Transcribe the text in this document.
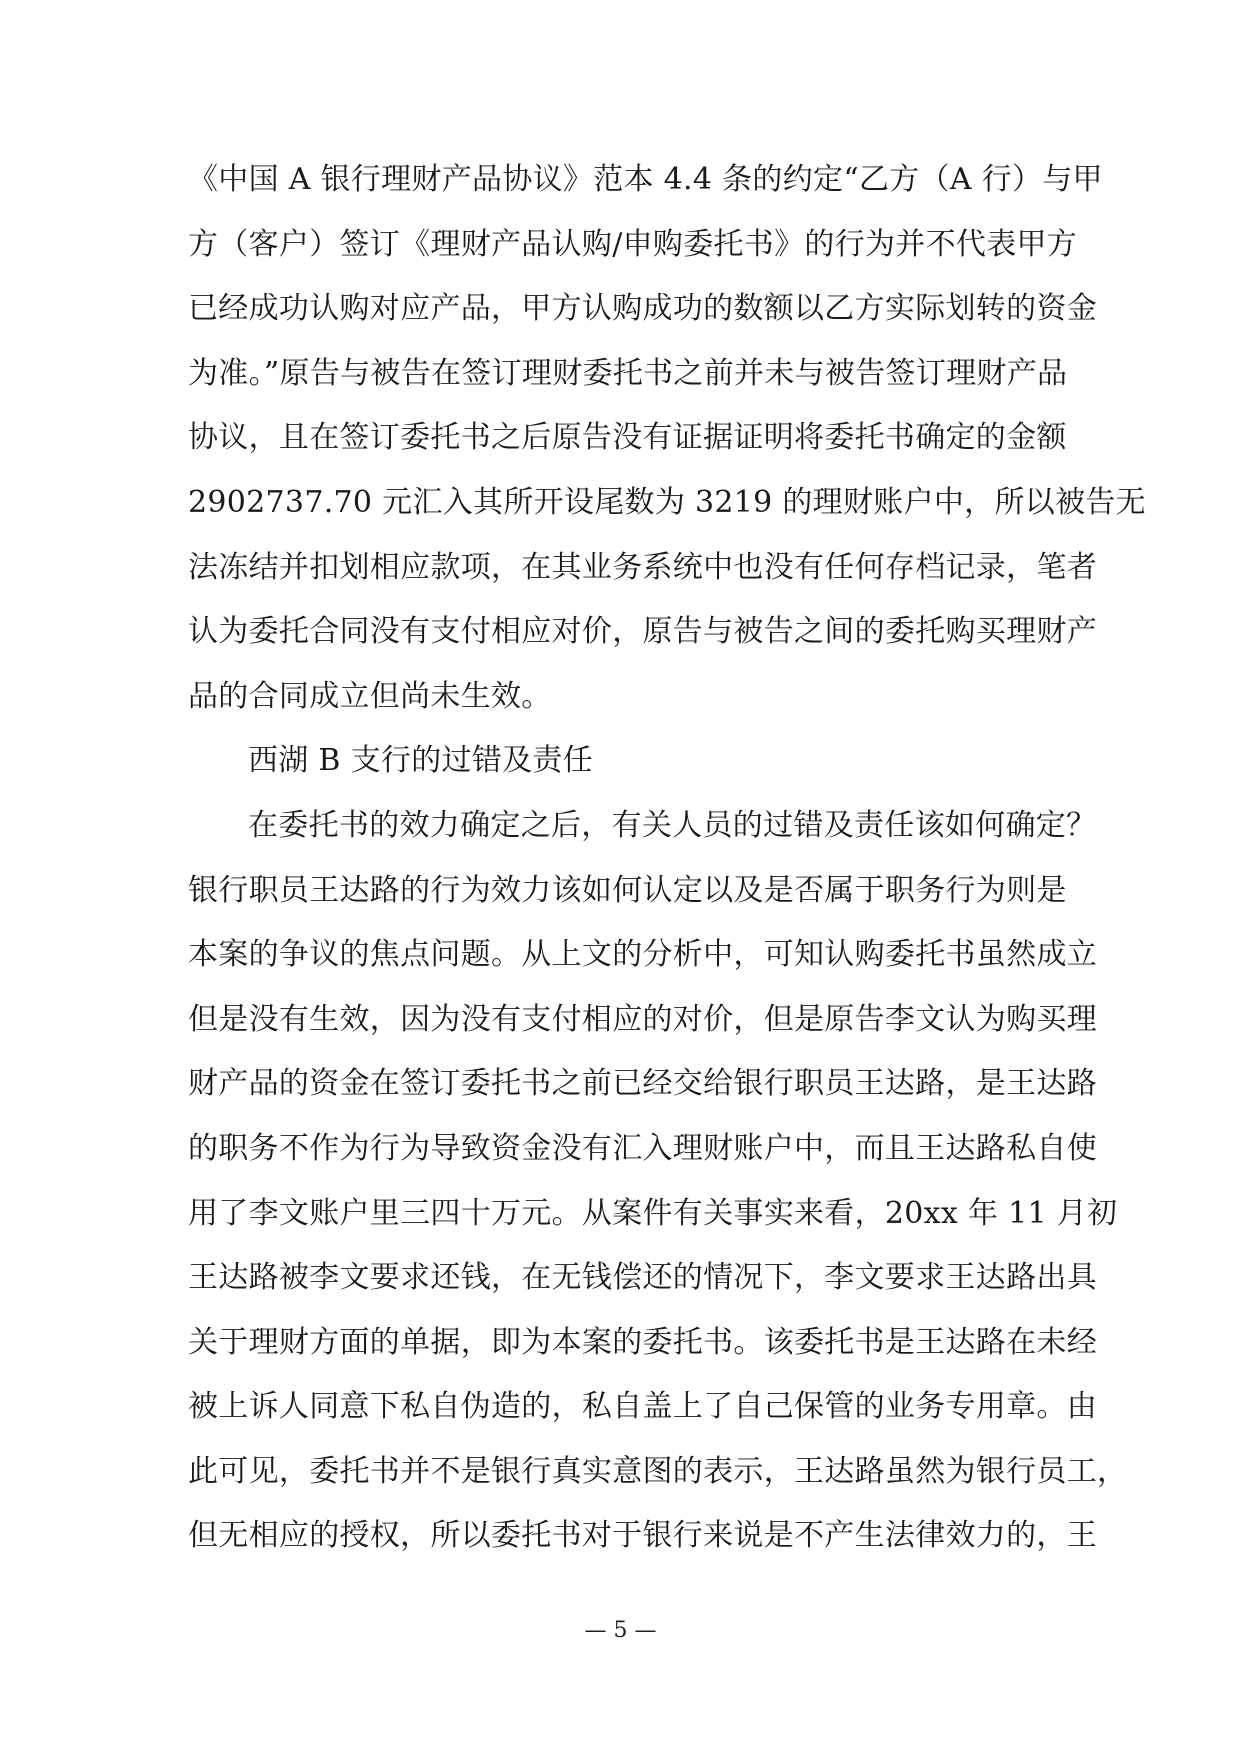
《中国 A 银行理财产品协议》范本 4.4 条的约定“乙方（A 行）与甲
方（客户）签订《理财产品认购/申购委托书》的行为并不代表甲方
已经成功认购对应产品，甲方认购成功的数额以乙方实际划转的资金
为准。”原告与被告在签订理财委托书之前并未与被告签订理财产品
协议，且在签订委托书之后原告没有证据证明将委托书确定的金额
2902737.70 元汇入其所开设尾数为 3219 的理财账户中，所以被告无
法冻结并扣划相应款项，在其业务系统中也没有任何存档记录，笔者
认为委托合同没有支付相应对价，原告与被告之间的委托购买理财产
品的合同成立但尚未生效。
西湖 B 支行的过错及责任
在委托书的效力确定之后，有关人员的过错及责任该如何确定？
银行职员王达路的行为效力该如何认定以及是否属于职务行为则是
本案的争议的焦点问题。从上文的分析中，可知认购委托书虽然成立
但是没有生效，因为没有支付相应的对价，但是原告李文认为购买理
财产品的资金在签订委托书之前已经交给银行职员王达路，是王达路
的职务不作为行为导致资金没有汇入理财账户中，而且王达路私自使
用了李文账户里三四十万元。从案件有关事实来看，20xx 年 11 月初
王达路被李文要求还钱，在无钱偿还的情况下，李文要求王达路出具
关于理财方面的单据，即为本案的委托书。该委托书是王达路在未经
被上诉人同意下私自伪造的，私自盖上了自己保管的业务专用章。由
此可见，委托书并不是银行真实意图的表示，王达路虽然为银行员工，
但无相应的授权，所以委托书对于银行来说是不产生法律效力的，王
— 5 —
